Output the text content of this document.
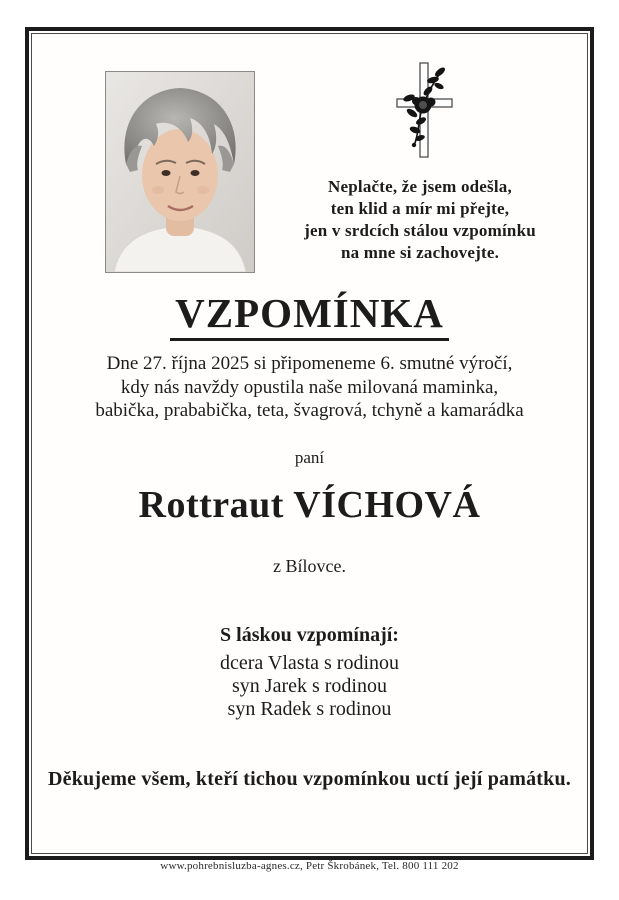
Neplačte, že jsem odešla,
ten klid a mír mi přejte,
jen v srdcích stálou vzpomínku
na mne si zachovejte.
VZPOMÍNKA
Dne 27. října 2025 si připomeneme 6. smutné výročí,
kdy nás navždy opustila naše milovaná maminka,
babička, prababička, teta, švagrová, tchyně a kamarádka
paní
Rottraut VÍCHOVÁ
z Bílovce.
S láskou vzpomínají:
dcera Vlasta s rodinou
syn Jarek s rodinou
syn Radek s rodinou
Děkujeme všem, kteří tichou vzpomínkou uctí její památku.
www.pohrebnisluzba-agnes.cz, Petr Škrobánek, Tel. 800 111 202
